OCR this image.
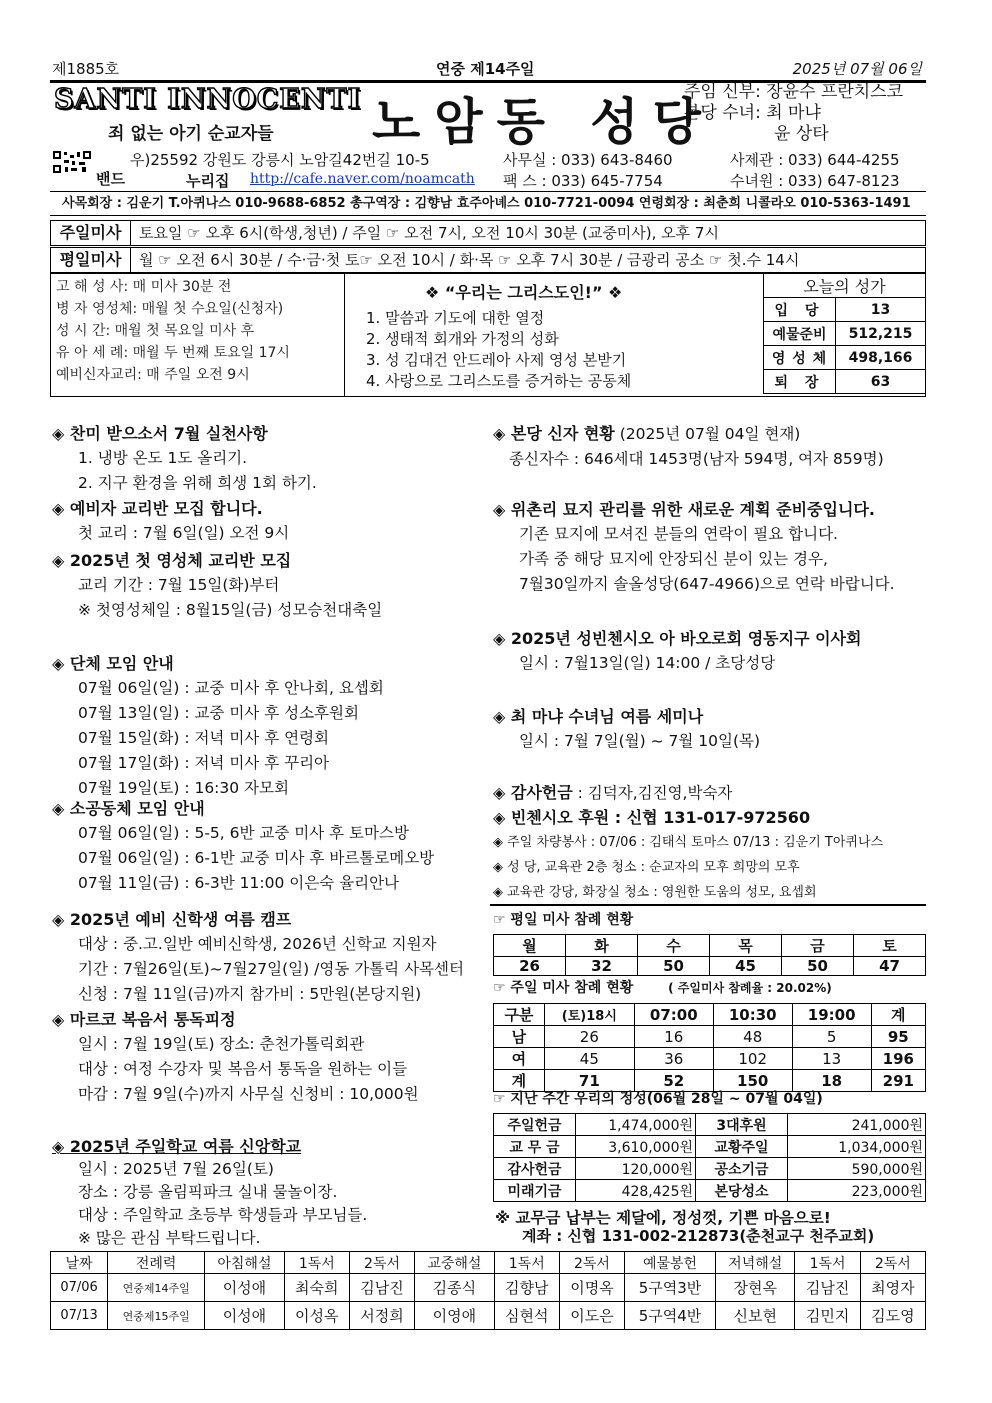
제1885호	연중 제14주일	2025년 07월 06일
SANTI INNOCENTI
죄 없는 아기 순교자들 노암동 성당
주임 신부: 장윤수 프란치스코
본당 수녀: 최 마냐
윤 상타
밴드
우)25592 강원도 강릉시 노암길42번길 10-5
누리집 http://cafe.naver.com/noamcath
사무실 : 033) 643-8460
팩 스 : 033) 645-7754
사제관 : 033) 644-4255
수녀원 : 033) 647-8123
사목회장 : 김운기 T.아퀴나스 010-9688-6852 총구역장 : 김향남 효주아녜스 010-7721-0094 연령회장 : 최춘희 니콜라오 010-5363-1491
주일미사 토요일 ☞ 오후 6시(학생,청년) / 주일 ☞ 오전 7시, 오전 10시 30분 (교중미사), 오후 7시
평일미사 월 ☞ 오전 6시 30분 / 수·금·첫 토☞ 오전 10시 / 화·목 ☞ 오후 7시 30분 / 금광리 공소 ☞ 첫.수 14시
고 해 성 사: 매 미사 30분 전
병 자 영성체: 매월 첫 수요일(신청자)
성 시 간: 매월 첫 목요일 미사 후
유 아 세 례: 매월 두 번째 토요일 17시
예비신자교리: 매 주일 오전 9시
❖ “우리는 그리스도인!” ❖
1. 말씀과 기도에 대한 열정
2. 생태적 회개와 가정의 성화
3. 성 김대건 안드레아 사제 영성 본받기
4. 사랑으로 그리스도를 증거하는 공동체
오늘의 성가	
입 당	13
예물준비	512,215
영 성 체	498,166
퇴 장	63
◈ 찬미 받으소서 7월 실천사항
1. 냉방 온도 1도 올리기.
2. 지구 환경을 위해 희생 1회 하기.
◈ 예비자 교리반 모집 합니다.
첫 교리 : 7월 6일(일) 오전 9시
◈ 2025년 첫 영성체 교리반 모집
교리 기간 : 7월 15일(화)부터
※ 첫영성체일 : 8월15일(금) 성모승천대축일
◈ 단체 모임 안내
07월 06일(일) : 교중 미사 후 안나회, 요셉회
07월 13일(일) : 교중 미사 후 성소후원회
07월 15일(화) : 저녁 미사 후 연령회
07월 17일(화) : 저녁 미사 후 꾸리아
07월 19일(토) : 16:30 자모회
◈ 소공동체 모임 안내
07월 06일(일) : 5-5, 6반 교중 미사 후 토마스방
07월 06일(일) : 6-1반 교중 미사 후 바르톨로메오방
07월 11일(금) : 6-3반 11:00 이은숙 율리안나
◈ 2025년 예비 신학생 여름 캠프
대상 : 중.고.일반 예비신학생, 2026년 신학교 지원자
기간 : 7월26일(토)~7월27일(일) /영동 가톨릭 사목센터
신청 : 7월 11일(금)까지 참가비 : 5만원(본당지원)
◈ 마르코 복음서 통독피정
일시 : 7월 19일(토) 장소: 춘천가톨릭회관
대상 : 여정 수강자 및 복음서 통독을 원하는 이들
마감 : 7월 9일(수)까지 사무실 신청비 : 10,000원
◈ 2025년 주일학교 여름 신앙학교
일시 : 2025년 7월 26일(토)
장소 : 강릉 올림픽파크 실내 물놀이장.
대상 : 주일학교 초등부 학생들과 부모님들.
※ 많은 관심 부탁드립니다.
◈ 본당 신자 현황 (2025년 07월 04일 현재)
종신자수 : 646세대 1453명(남자 594명, 여자 859명)
◈ 위촌리 묘지 관리를 위한 새로운 계획 준비중입니다.
기존 묘지에 모셔진 분들의 연락이 필요 합니다.
가족 중 해당 묘지에 안장되신 분이 있는 경우,
7월30일까지 솔올성당(647-4966)으로 연락 바랍니다.
◈ 2025년 성빈첸시오 아 바오로회 영동지구 이사회
일시 : 7월13일(일) 14:00 / 초당성당
◈ 최 마냐 수녀님 여름 세미나
일시 : 7월 7일(월) ~ 7월 10일(목)
◈ 감사헌금 : 김덕자,김진영,박숙자
◈ 빈첸시오 후원 : 신협 131-017-972560
◈ 주일 차량봉사 : 07/06 : 김태식 토마스 07/13 : 김운기 T아퀴나스
◈ 성 당, 교육관 2층 청소 : 순교자의 모후 희망의 모후
◈ 교육관 강당, 화장실 청소 : 영원한 도움의 성모, 요셉회
☞ 평일 미사 참례 현황
월	화	수	목	금	토
26	32	50	45	50	47
☞ 주일 미사 참례 현황	( 주일미사 참례율 : 20.02%)
구분	(토)18시	07:00	10:30	19:00	계
남	26	16	48	5	95
여	45	36	102	13	196
계	71	52	150	18	291
☞ 지난 주간 우리의 정성(06월 28일 ~ 07월 04일)
주일헌금	1,474,000원	3대후원	241,000원
교 무 금	3,610,000원	교황주일	1,034,000원
감사헌금	120,000원	공소기금	590,000원
미래기금	428,425원	본당성소	223,000원
※ 교무금 납부는 제달에, 정성껏, 기쁜 마음으로!
계좌 : 신협 131-002-212873(춘천교구 천주교회)
날짜	전례력	아침해설	1독서	2독서	교중해설	1독서	2독서	예물봉헌	저녁해설	1독서	2독서
07/06	연중제14주일	이성애	최숙희	김남진	김종식	김향남	이명옥	5구역3반	장현옥	김남진	최영자
07/13	연중제15주일	이성애	이성옥	서정희	이영애	심현석	이도은	5구역4반	신보현	김민지	김도영
